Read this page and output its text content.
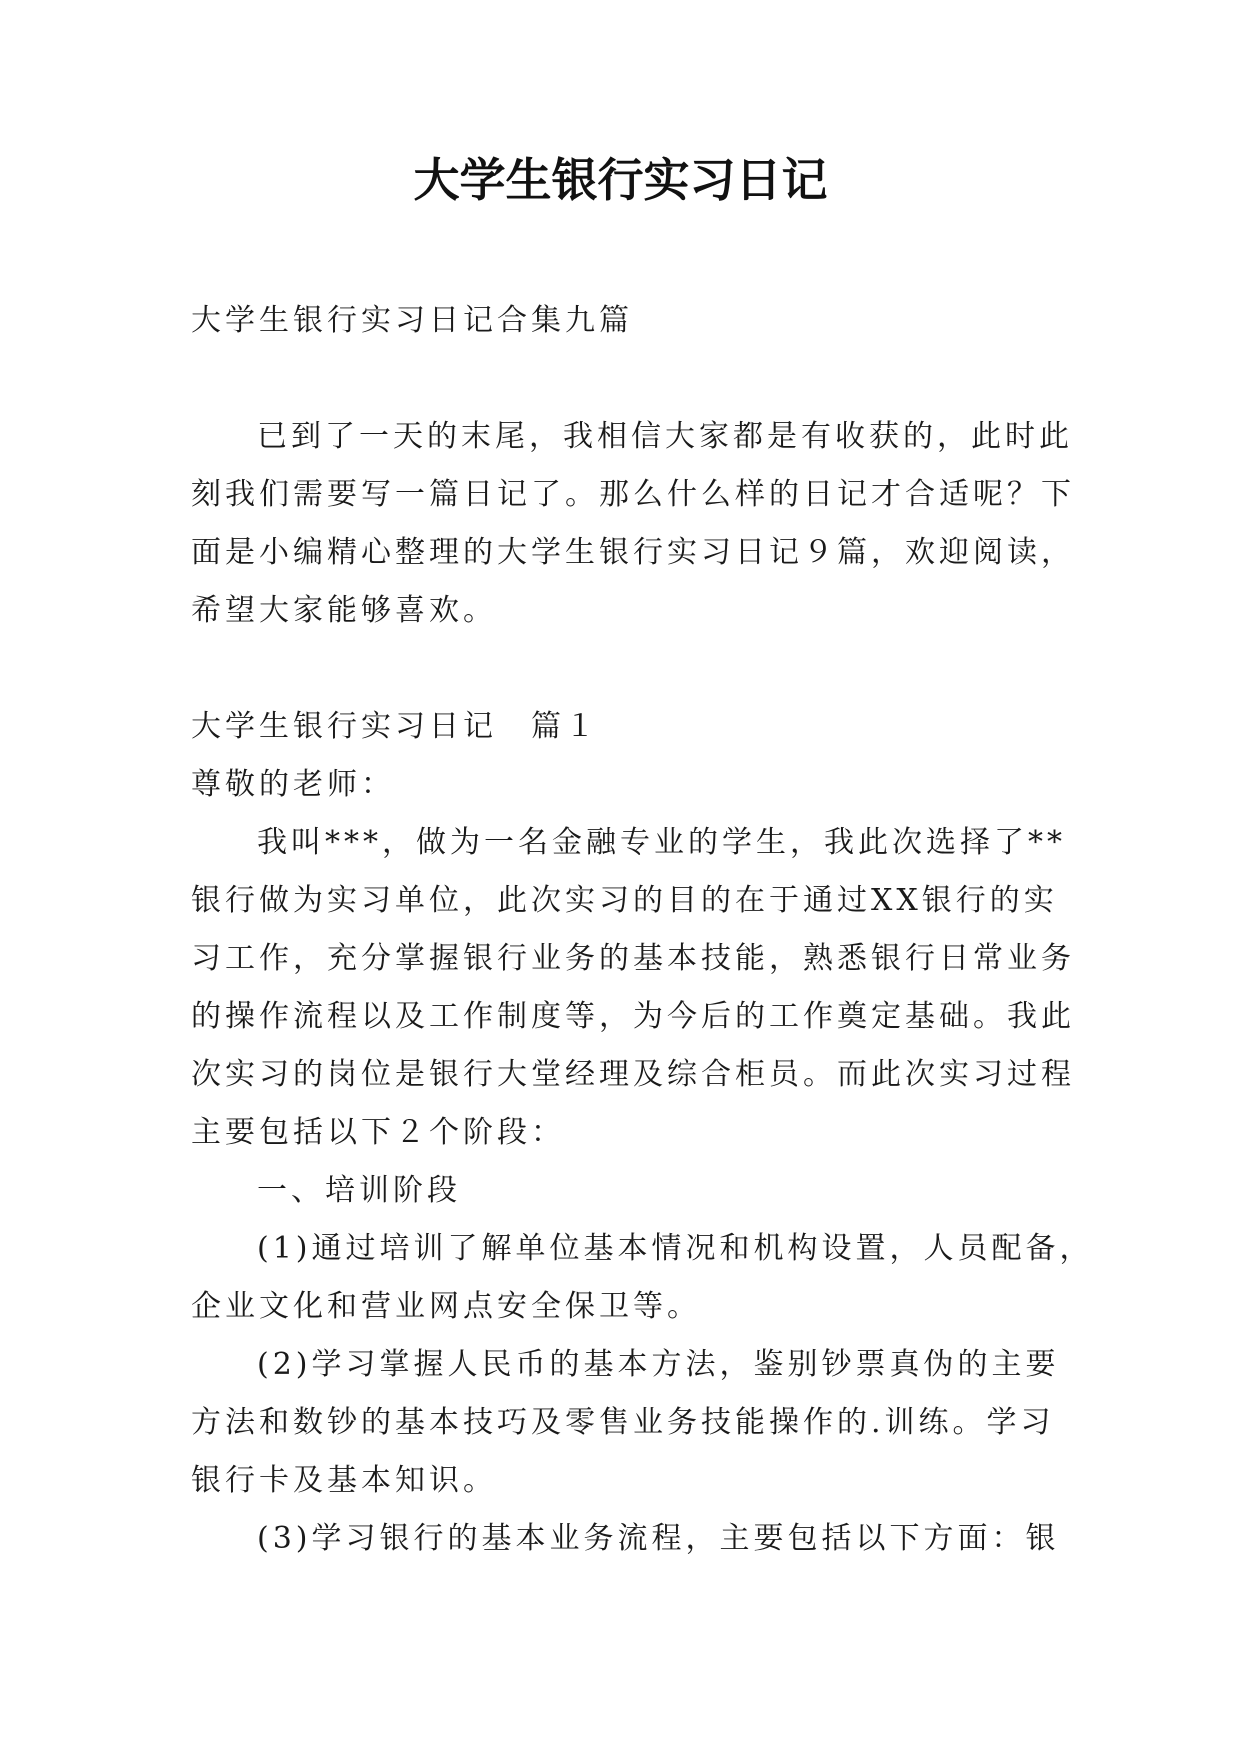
大学生银行实习日记
大学生银行实习日记合集九篇
已到了一天的末尾，我相信大家都是有收获的，此时此
刻我们需要写一篇日记了。那么什么样的日记才合适呢？下
面是小编精心整理的大学生银行实习日记９篇，欢迎阅读，
希望大家能够喜欢。
大学生银行实习日记　篇１
尊敬的老师：
我叫***，做为一名金融专业的学生，我此次选择了**
银行做为实习单位，此次实习的目的在于通过XX银行的实
习工作，充分掌握银行业务的基本技能，熟悉银行日常业务
的操作流程以及工作制度等，为今后的工作奠定基础。我此
次实习的岗位是银行大堂经理及综合柜员。而此次实习过程
主要包括以下２个阶段：
一、培训阶段
(1)通过培训了解单位基本情况和机构设置，人员配备，
企业文化和营业网点安全保卫等。
(2)学习掌握人民币的基本方法，鉴别钞票真伪的主要
方法和数钞的基本技巧及零售业务技能操作的.训练。学习
银行卡及基本知识。
(3)学习银行的基本业务流程，主要包括以下方面：银
